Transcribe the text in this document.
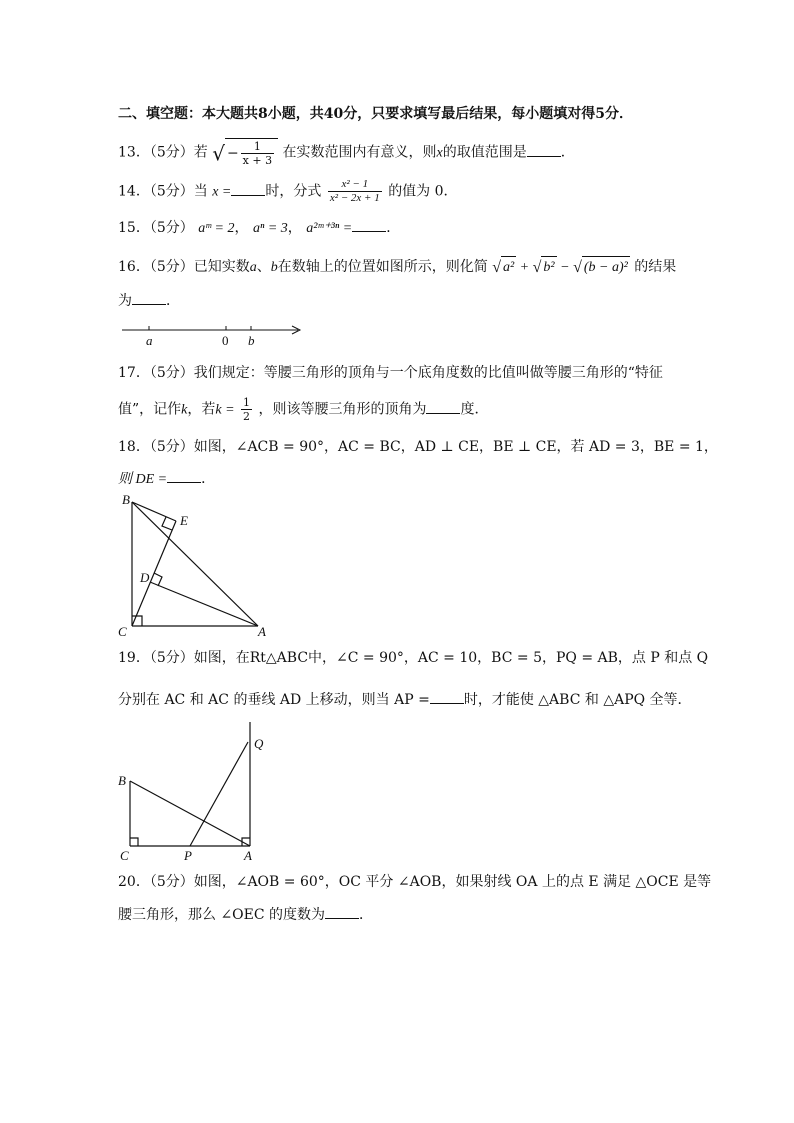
二、填空题：本大题共8小题，共40分，只要求填写最后结果，每小题填对得5分．
13．（5分）若 √ − $\frac{1}{x + 3}$ 在实数范围内有意义，则x的取值范围是 ．
14．（5分）当 x = 时，分式 $\frac{\text{x² − 1}}{\text{x² − 2x + 1}}$ 的值为 0．
15．（5分） aᵐ = 2， aⁿ = 3， a²ᵐ⁺³ⁿ = ．
16．（5分）已知实数a、b在数轴上的位置如图所示，则化简 √ a² + √ b² − √ (b − a)² 的结果
为 ．
a	0 b
17．（5分）我们规定：等腰三角形的顶角与一个底角度数的比值叫做等腰三角形的“特征
值”，记作k，若$k = \frac{1}{2}$ ，则该等腰三角形的顶角为 度．
18．（5分）如图，∠ACB = 90°，AC = BC，AD ⊥ CE，BE ⊥ CE，若 AD = 3，BE = 1，
则 DE = ．
B
E
D
C	A
19．（5分）如图，在Rt△ABC中，∠C = 90°，AC = 10，BC = 5，PQ = AB，点 P 和点 Q
分别在 AC 和 AC 的垂线 AD 上移动，则当 AP = 时，才能使 △ABC 和 △APQ 全等．
Q
B
C	P	A
20．（5分）如图，∠AOB = 60°，OC 平分 ∠AOB，如果射线 OA 上的点 E 满足 △OCE 是等
腰三角形，那么 ∠OEC 的度数为 ．
